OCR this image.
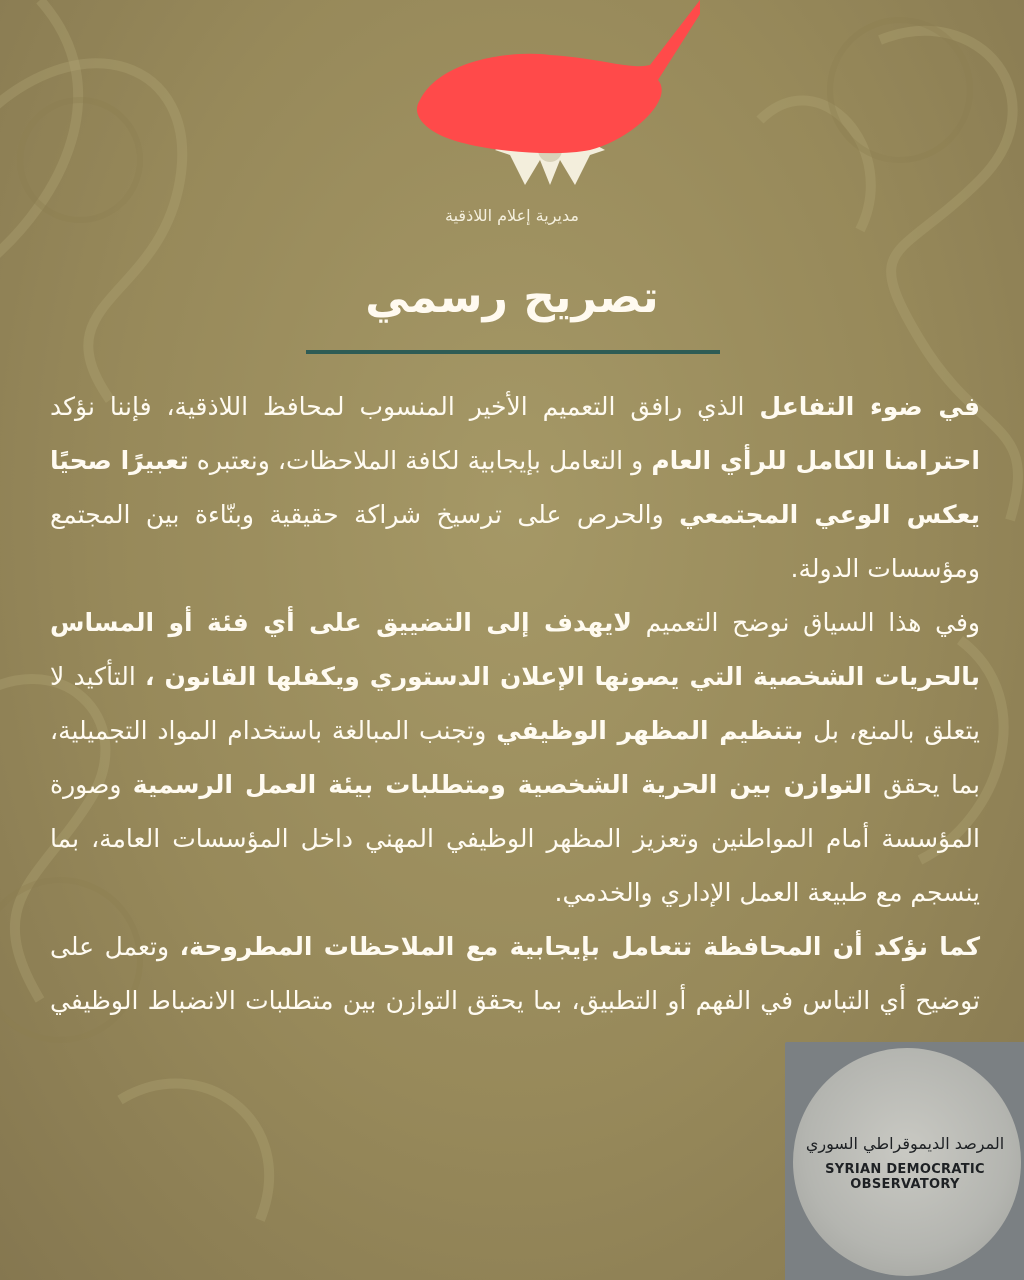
مديرية إعلام اللاذقية
تصريح رسمي

في ضوء التفاعل الذي رافق التعميم الأخير المنسوب لمحافظ اللاذقية، فإننا نؤكد احترامنا الكامل للرأي العام و التعامل بإيجابية لكافة الملاحظات، ونعتبره تعبيرًا صحيًا يعكس الوعي المجتمعي والحرص على ترسيخ شراكة حقيقية وبنّاءة بين المجتمع ومؤسسات الدولة.

وفي هذا السياق نوضح التعميم لايهدف إلى التضييق على أي فئة أو المساس بالحريات الشخصية التي يصونها الإعلان الدستوري ويكفلها القانون ، التأكيد لا يتعلق بالمنع، بل بتنظيم المظهر الوظيفي وتجنب المبالغة باستخدام المواد التجميلية، بما يحقق التوازن بين الحرية الشخصية ومتطلبات بيئة العمل الرسمية وصورة المؤسسة أمام المواطنين وتعزيز المظهر الوظيفي المهني داخل المؤسسات العامة، بما ينسجم مع طبيعة العمل الإداري والخدمي.

كما نؤكد أن المحافظة تتعامل بإيجابية مع الملاحظات المطروحة، وتعمل على توضيح أي التباس في الفهم أو التطبيق، بما يحقق التوازن بين متطلبات الانضباط الوظيفي

المرصد الديموقراطي السوري
SYRIAN DEMOCRATIC OBSERVATORY
